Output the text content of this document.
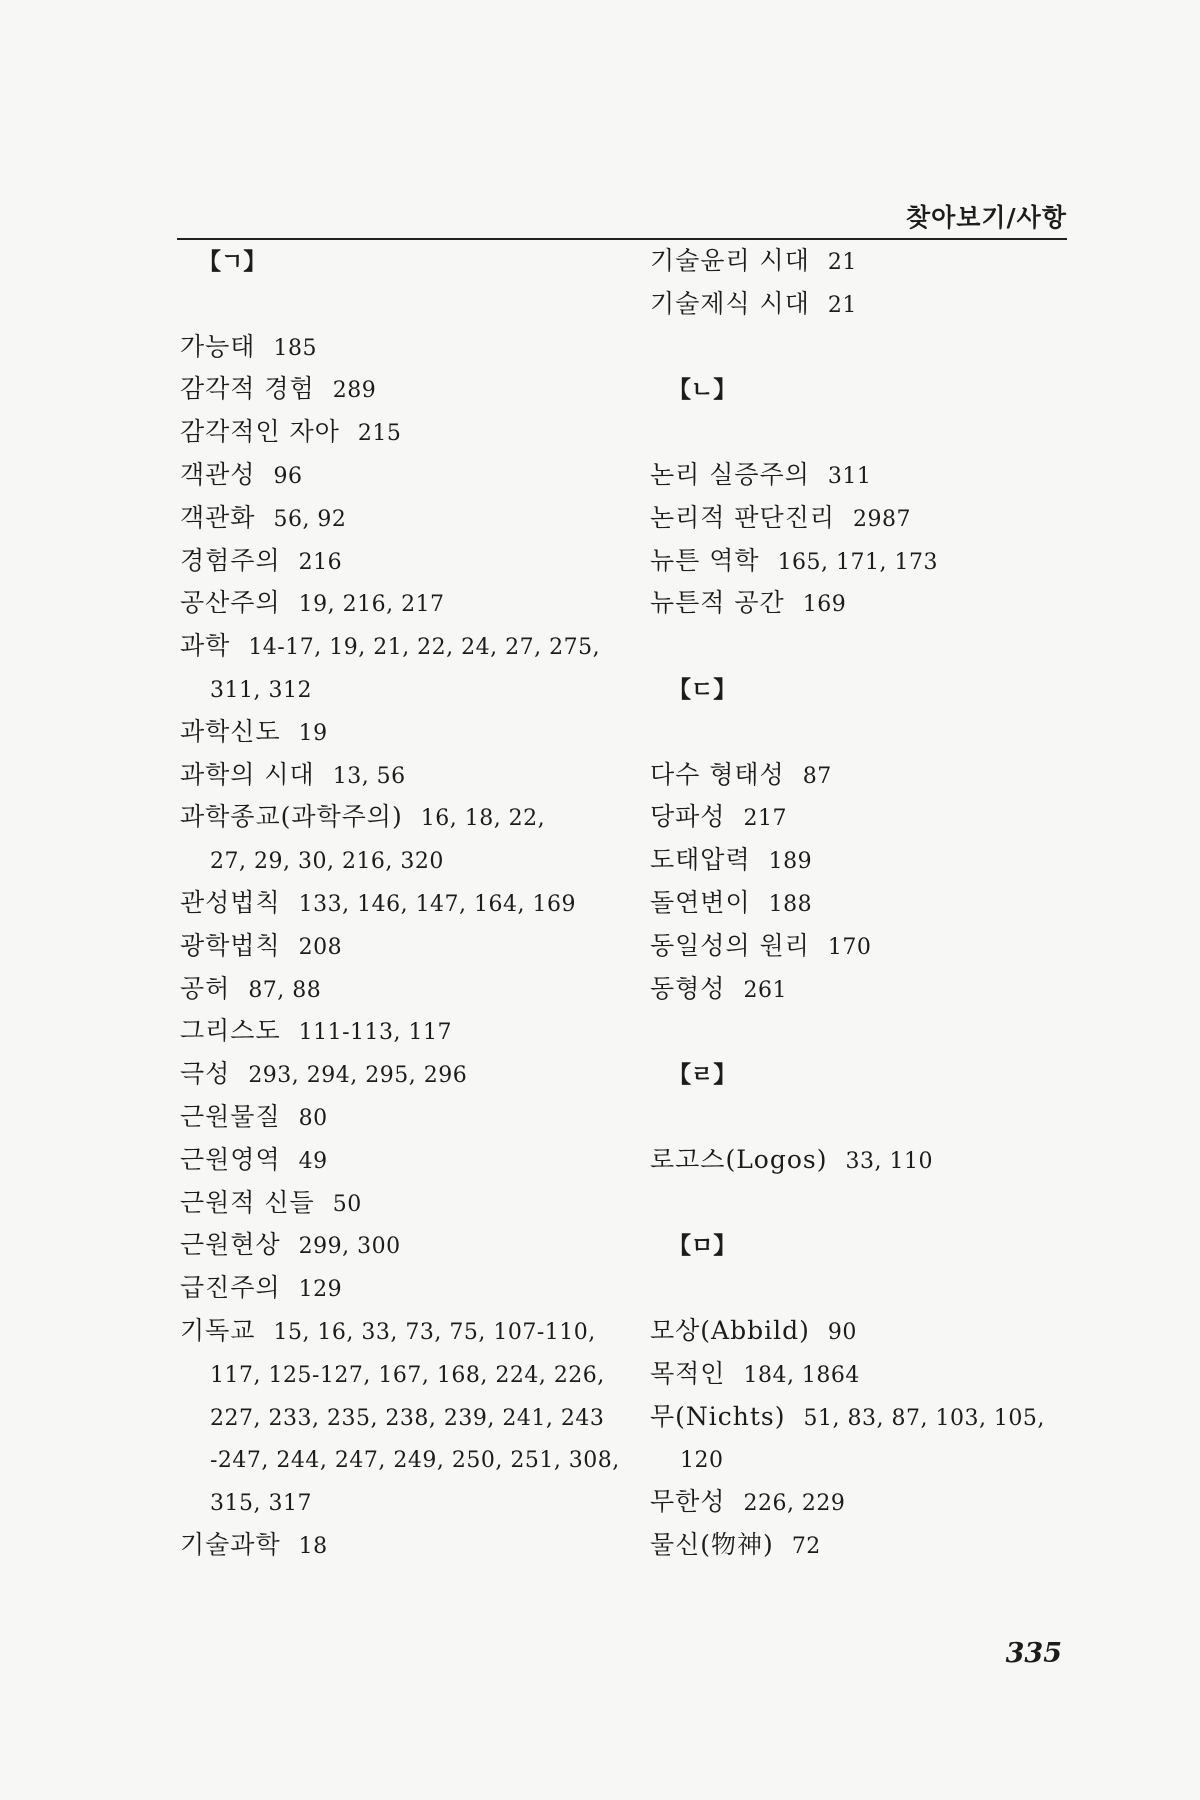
찾아보기/사항
【ㄱ】
가능태 185
감각적 경험 289
감각적인 자아 215
객관성 96
객관화 56, 92
경험주의 216
공산주의 19, 216, 217
과학 14-17, 19, 21, 22, 24, 27, 275,
311, 312
과학신도 19
과학의 시대 13, 56
과학종교(과학주의) 16, 18, 22,
27, 29, 30, 216, 320
관성법칙 133, 146, 147, 164, 169
광학법칙 208
공허 87, 88
그리스도 111-113, 117
극성 293, 294, 295, 296
근원물질 80
근원영역 49
근원적 신들 50
근원현상 299, 300
급진주의 129
기독교 15, 16, 33, 73, 75, 107-110,
117, 125-127, 167, 168, 224, 226,
227, 233, 235, 238, 239, 241, 243
-247, 244, 247, 249, 250, 251, 308,
315, 317
기술과학 18
기술윤리 시대 21
기술제식 시대 21
【ㄴ】
논리 실증주의 311
논리적 판단진리 2987
뉴튼 역학 165, 171, 173
뉴튼적 공간 169
【ㄷ】
다수 형태성 87
당파성 217
도태압력 189
돌연변이 188
동일성의 원리 170
동형성 261
【ㄹ】
로고스(Logos) 33, 110
【ㅁ】
모상(Abbild) 90
목적인 184, 1864
무(Nichts) 51, 83, 87, 103, 105,
120
무한성 226, 229
물신(物神) 72
335
